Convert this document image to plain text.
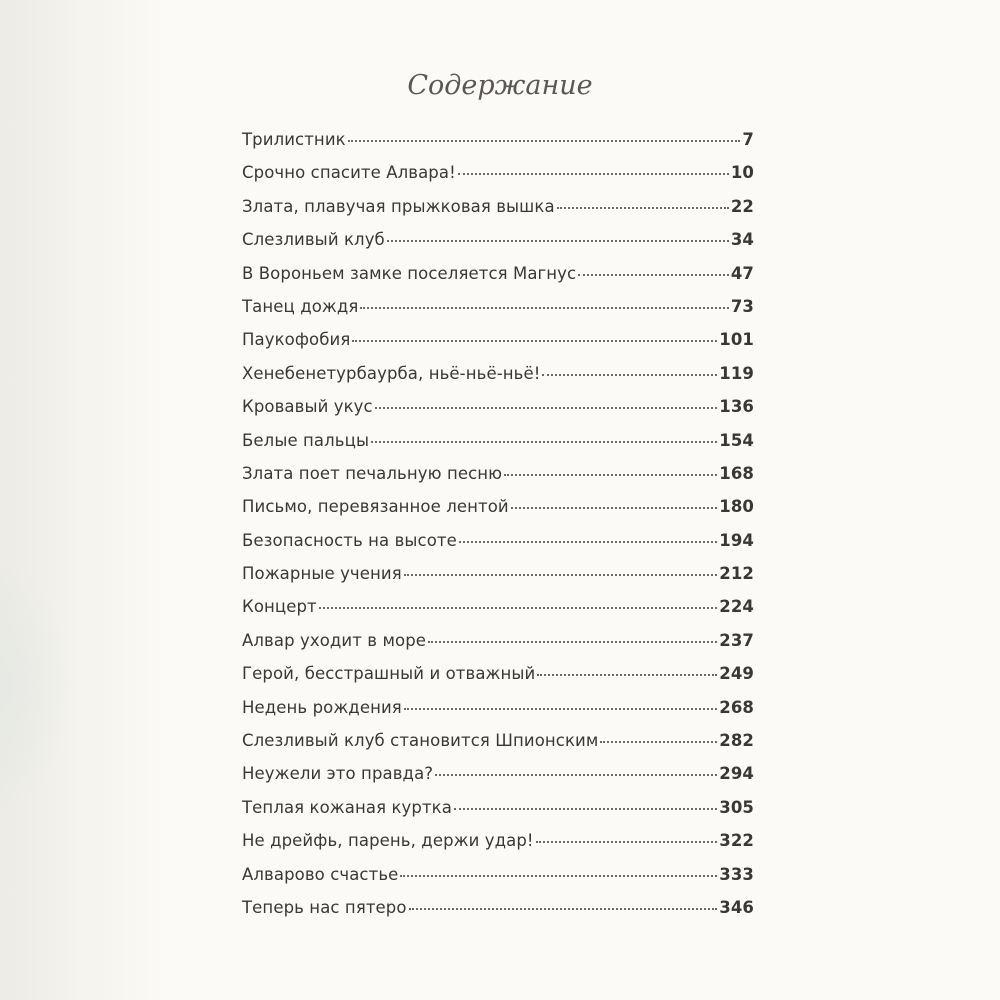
Содержание
Трилистник	7
Срочно спасите Алвара!	10
Злата, плавучая прыжковая вышка	22
Слезливый клуб	34
В Вороньем замке поселяется Магнус	47
Танец дождя	73
Паукофобия	101
Хенебенетурбаурба, ньё-ньё-ньё!	119
Кровавый укус	136
Белые пальцы	154
Злата поет печальную песню	168
Письмо, перевязанное лентой	180
Безопасность на высоте	194
Пожарные учения	212
Концерт	224
Алвар уходит в море	237
Герой, бесстрашный и отважный	249
Недень рождения	268
Слезливый клуб становится Шпионским	282
Неужели это правда?	294
Теплая кожаная куртка	305
Не дрейфь, парень, держи удар!	322
Алварово счастье	333
Теперь нас пятеро	346
